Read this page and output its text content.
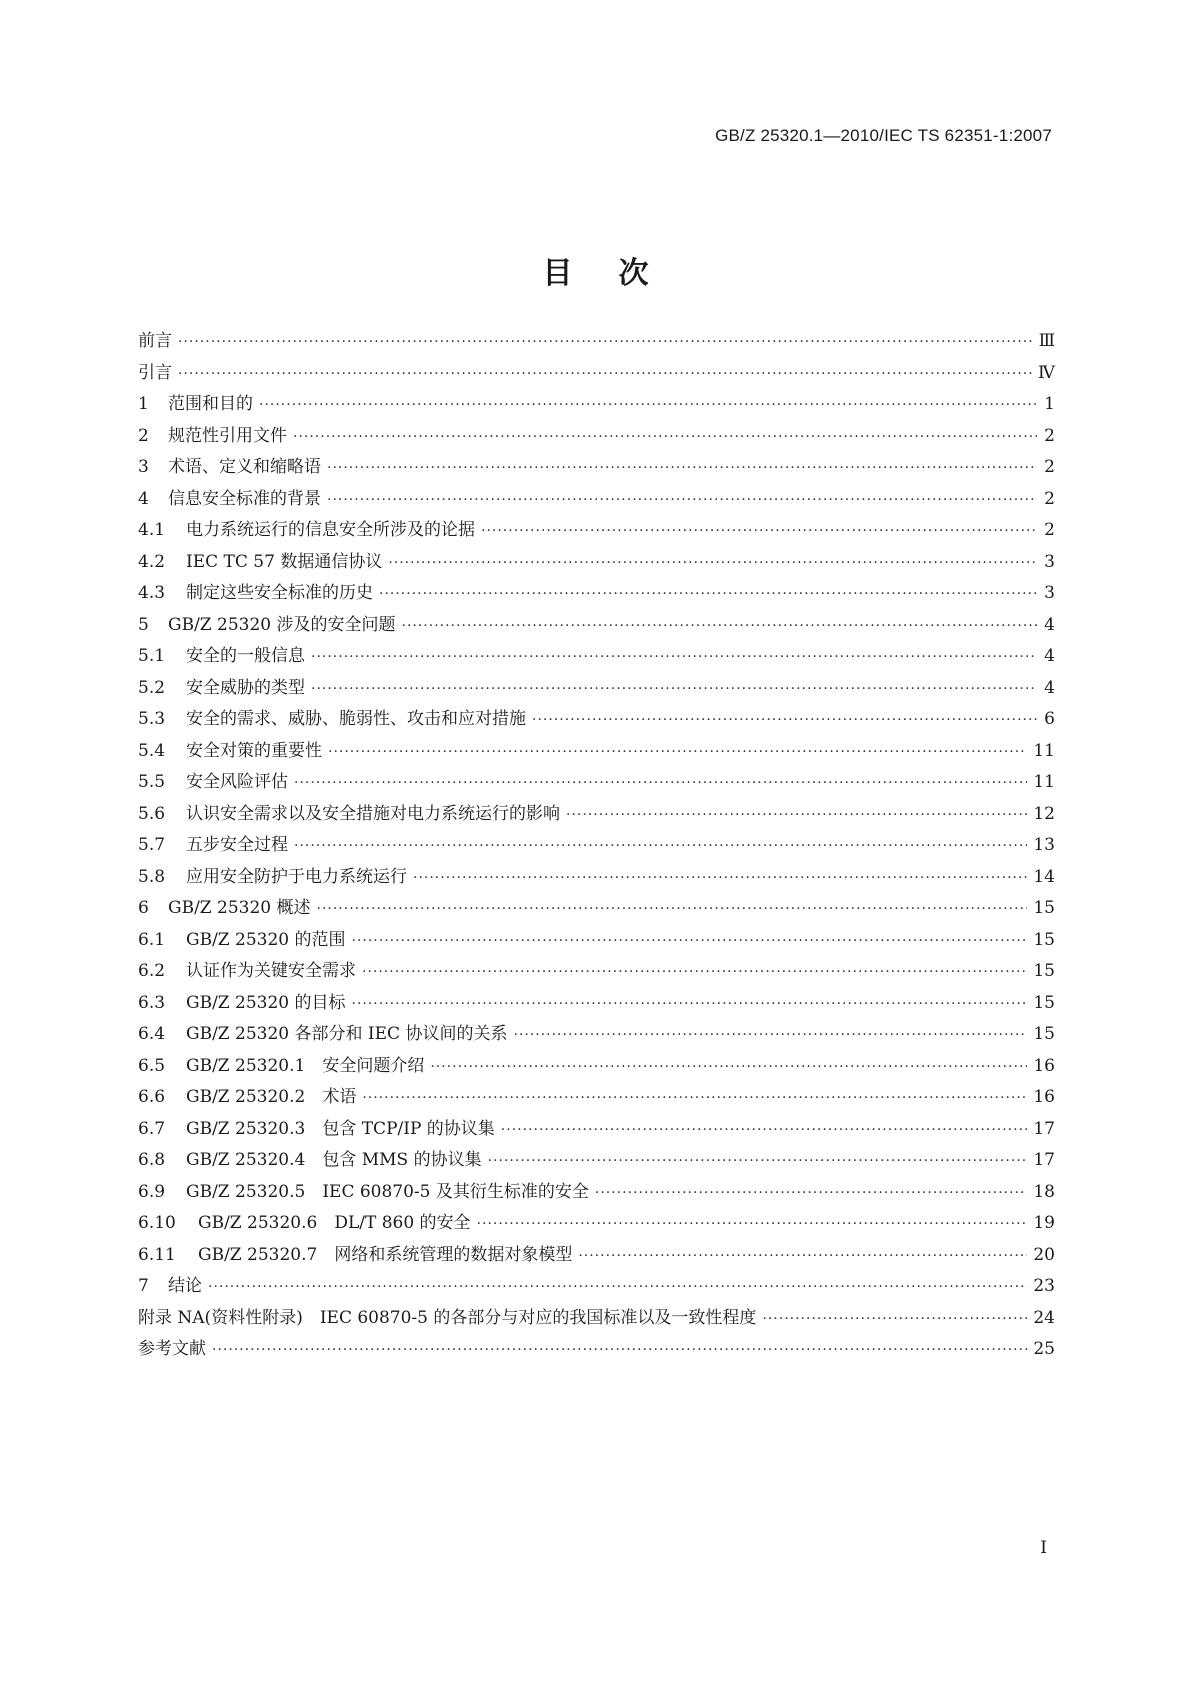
GB/Z 25320.1—2010/IEC TS 62351-1:2007
目次
前言 ·····	Ⅲ
引言 ·····	Ⅳ
1 范围和目的 ·····	1
2 规范性引用文件 ·····	2
3 术语、定义和缩略语 ·····	2
4 信息安全标准的背景 ·····	2
4.1 电力系统运行的信息安全所涉及的论据 ·····	2
4.2 IEC TC 57 数据通信协议 ·····	3
4.3 制定这些安全标准的历史 ·····	3
5 GB/Z 25320 涉及的安全问题 ·····	4
5.1 安全的一般信息 ·····	4
5.2 安全威胁的类型 ·····	4
5.3 安全的需求、威胁、脆弱性、攻击和应对措施 ·····	6
5.4 安全对策的重要性 ·····	11
5.5 安全风险评估 ·····	11
5.6 认识安全需求以及安全措施对电力系统运行的影响 ·····	12
5.7 五步安全过程 ·····	13
5.8 应用安全防护于电力系统运行 ·····	14
6 GB/Z 25320 概述 ·····	15
6.1 GB/Z 25320 的范围 ·····	15
6.2 认证作为关键安全需求 ·····	15
6.3 GB/Z 25320 的目标 ·····	15
6.4 GB/Z 25320 各部分和 IEC 协议间的关系 ·····	15
6.5 GB/Z 25320.1　安全问题介绍 ·····	16
6.6 GB/Z 25320.2　术语 ·····	16
6.7 GB/Z 25320.3　包含 TCP/IP 的协议集 ·····	17
6.8 GB/Z 25320.4　包含 MMS 的协议集 ·····	17
6.9 GB/Z 25320.5　IEC 60870-5 及其衍生标准的安全 ·····	18
6.10 GB/Z 25320.6　DL/T 860 的安全 ·····	19
6.11 GB/Z 25320.7　网络和系统管理的数据对象模型 ·····	20
7 结论 ·····	23
附录 NA(资料性附录)　IEC 60870-5 的各部分与对应的我国标准以及一致性程度 ·····	24
参考文献 ·····	25
Ⅰ
